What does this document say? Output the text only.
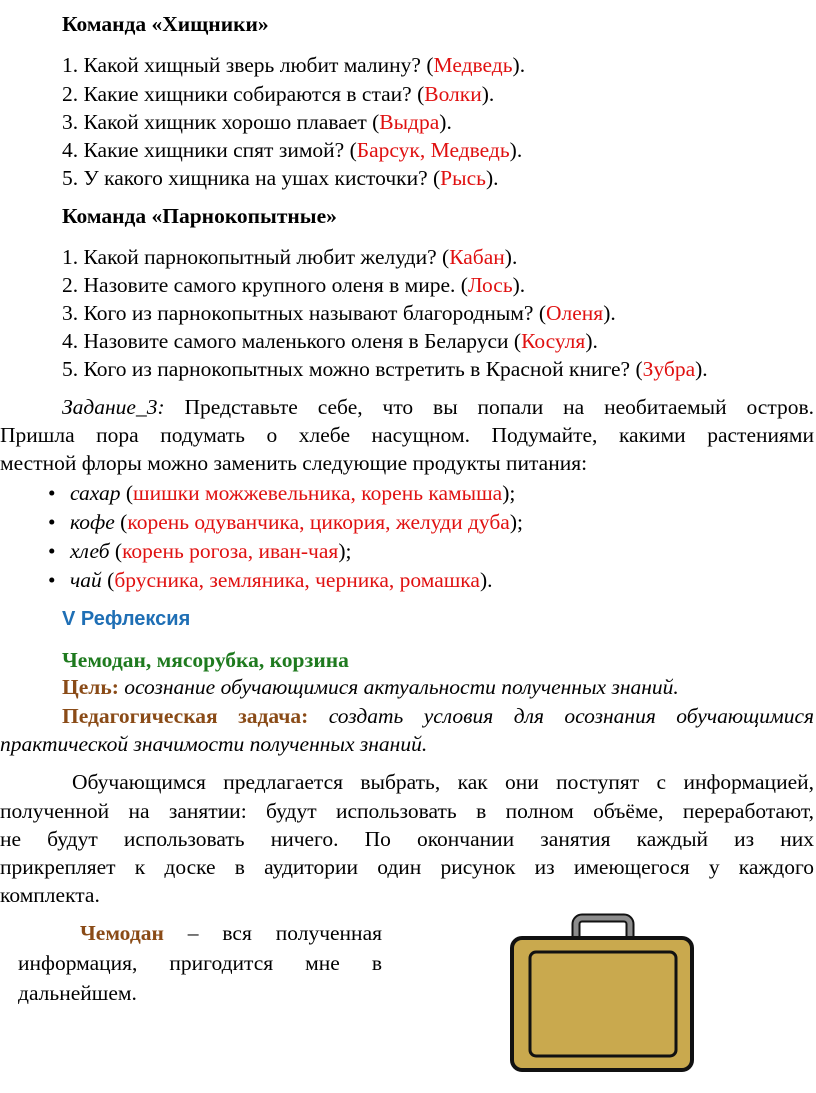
Команда «Хищники»
1. Какой хищный зверь любит малину? (Медведь).
2. Какие хищники собираются в стаи? (Волки).
3. Какой хищник хорошо плавает (Выдра).
4. Какие хищники спят зимой? (Барсук, Медведь).
5. У какого хищника на ушах кисточки? (Рысь).
Команда «Парнокопытные»
1. Какой парнокопытный любит желуди? (Кабан).
2. Назовите самого крупного оленя в мире. (Лось).
3. Кого из парнокопытных называют благородным? (Оленя).
4. Назовите самого маленького оленя в Беларуси (Косуля).
5. Кого из парнокопытных можно встретить в Красной книге? (Зубра).
Задание_3: Представьте себе, что вы попали на необитаемый остров.
Пришла пора подумать о хлебе насущном. Подумайте, какими растениями
местной флоры можно заменить следующие продукты питания:
• сахар (шишки можжевельника, корень камыша);
• кофе (корень одуванчика, цикория, желуди дуба);
• хлеб (корень рогоза, иван-чая);
• чай (брусника, земляника, черника, ромашка).
V Рефлексия
Чемодан, мясорубка, корзина
Цель: осознание обучающимися актуальности полученных знаний.
Педагогическая задача: создать условия для осознания обучающимися
практической значимости полученных знаний.
Обучающимся предлагается выбрать, как они поступят с информацией,
полученной на занятии: будут использовать в полном объёме, переработают,
не будут использовать ничего. По окончании занятия каждый из них
прикрепляет к доске в аудитории один рисунок из имеющегося у каждого
комплекта.
Чемодан – вся полученная
информация, пригодится мне в
дальнейшем.
